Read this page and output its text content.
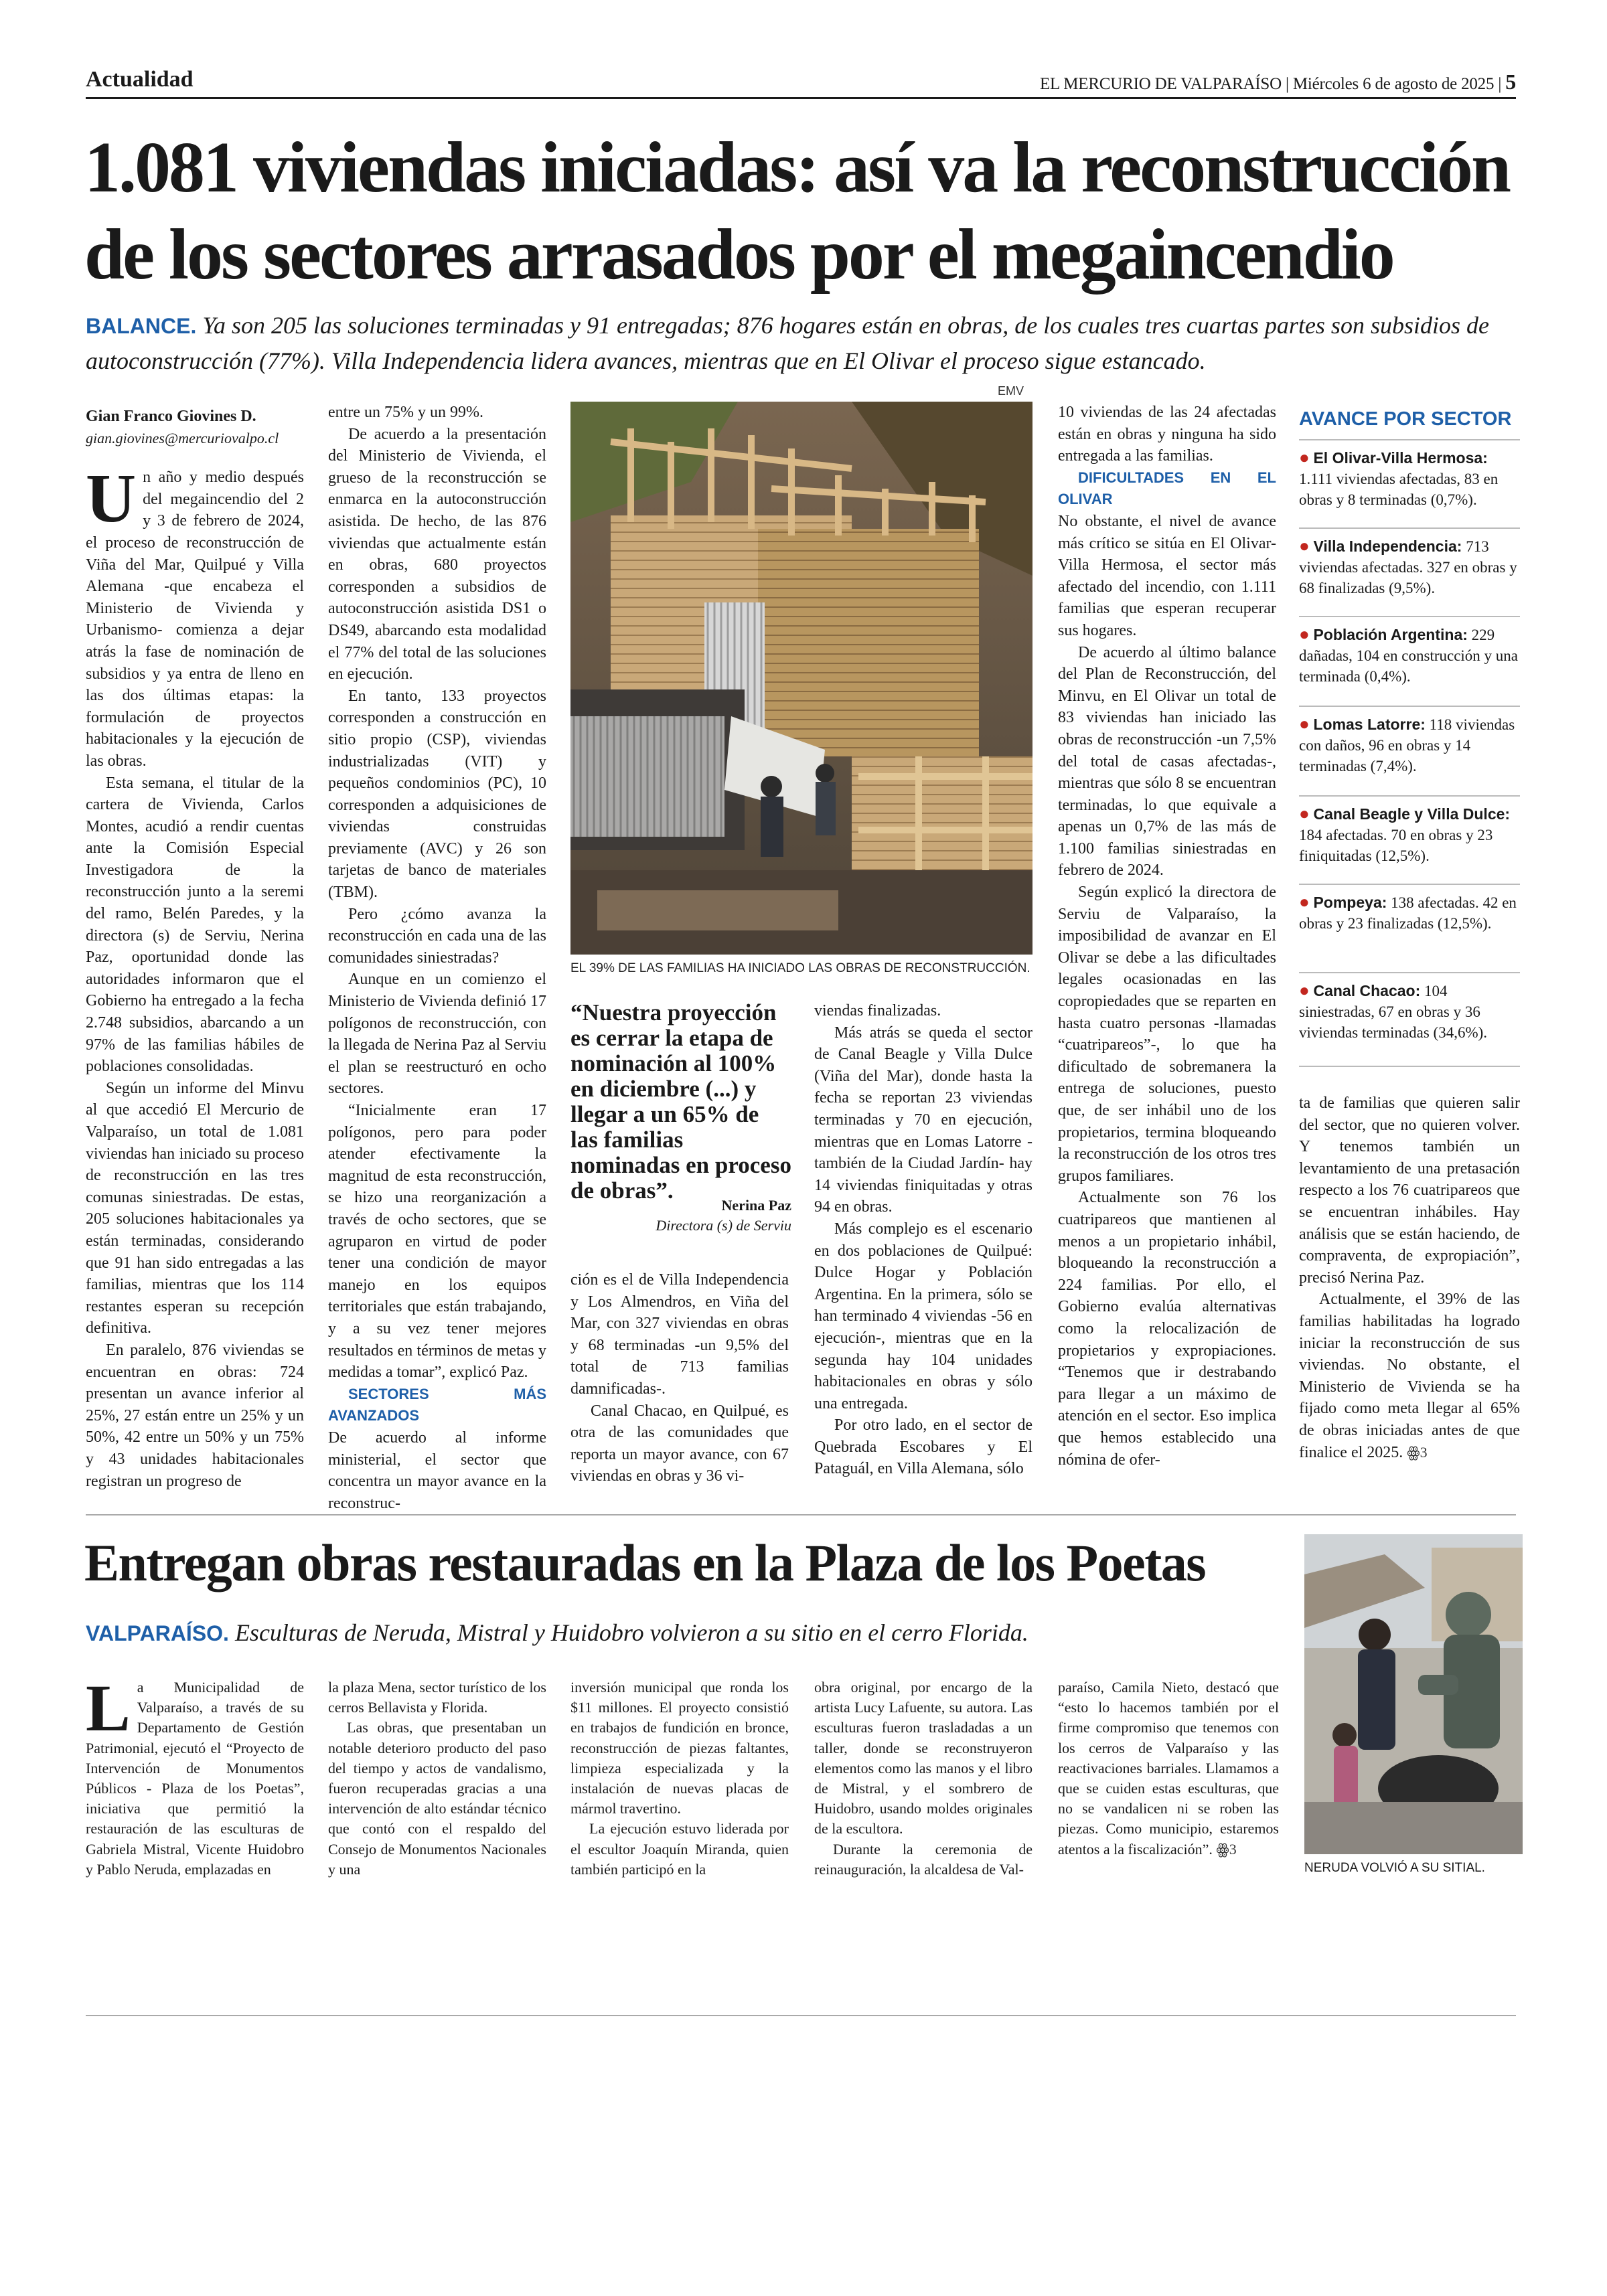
Actualidad	EL MERCURIO DE VALPARAÍSO | Miércoles 6 de agosto de 2025 | 5
1.081 viviendas iniciadas: así va la reconstrucción de los sectores arrasados por el megaincendio
BALANCE. Ya son 205 las soluciones terminadas y 91 entregadas; 876 hogares están en obras, de los cuales tres cuartas partes son subsidios de autoconstrucción (77%). Villa Independencia lidera avances, mientras que en El Olivar el proceso sigue estancado.
Gian Franco Giovines D.
gian.giovines@mercuriovalpo.cl

Un año y medio después del megaincendio del 2 y 3 de febrero de 2024, el proceso de reconstrucción de Viña del Mar, Quilpué y Villa Alemana -que encabeza el Ministerio de Vivienda y Urbanismo- comienza a dejar atrás la fase de nominación de subsidios y ya entra de lleno en las dos últimas etapas: la formulación de proyectos habitacionales y la ejecución de las obras.

Esta semana, el titular de la cartera de Vivienda, Carlos Montes, acudió a rendir cuentas ante la Comisión Especial Investigadora de la reconstrucción junto a la seremi del ramo, Belén Paredes, y la directora (s) de Serviu, Nerina Paz, oportunidad donde las autoridades informaron que el Gobierno ha entregado a la fecha 2.748 subsidios, abarcando a un 97% de las familias hábiles de poblaciones consolidadas.

Según un informe del Minvu al que accedió El Mercurio de Valparaíso, un total de 1.081 viviendas han iniciado su proceso de reconstrucción en las tres comunas siniestradas. De estas, 205 soluciones habitacionales ya están terminadas, considerando que 91 han sido entregadas a las familias, mientras que los 114 restantes esperan su recepción definitiva.

En paralelo, 876 viviendas se encuentran en obras: 724 presentan un avance inferior al 25%, 27 están entre un 25% y un 50%, 42 entre un 50% y un 75% y 43 unidades habitacionales registran un progreso de

entre un 75% y un 99%.

De acuerdo a la presentación del Ministerio de Vivienda, el grueso de la reconstrucción se enmarca en la autoconstrucción asistida. De hecho, de las 876 viviendas que actualmente están en obras, 680 proyectos corresponden a subsidios de autoconstrucción asistida DS1 o DS49, abarcando esta modalidad el 77% del total de las soluciones en ejecución.

En tanto, 133 proyectos corresponden a construcción en sitio propio (CSP), viviendas industrializadas (VIT) y pequeños condominios (PC), 10 corresponden a adquisiciones de viviendas construidas previamente (AVC) y 26 son tarjetas de banco de materiales (TBM).

Pero ¿cómo avanza la reconstrucción en cada una de las comunidades siniestradas?

Aunque en un comienzo el Ministerio de Vivienda definió 17 polígonos de reconstrucción, con la llegada de Nerina Paz al Serviu el plan se reestructuró en ocho sectores.

“Inicialmente eran 17 polígonos, pero para poder atender efectivamente la magnitud de esta reconstrucción, se hizo una reorganización a través de ocho sectores, que se agruparon en virtud de poder tener una condición de mayor manejo en los equipos territoriales que están trabajando, y a su vez tener mejores resultados en términos de metas y medidas a tomar”, explicó Paz.

SECTORES MÁS AVANZADOS

De acuerdo al informe ministerial, el sector que concentra un mayor avance en la reconstruc-

EMV
EL 39% DE LAS FAMILIAS HA INICIADO LAS OBRAS DE RECONSTRUCCIÓN.
“Nuestra proyección es cerrar la etapa de nominación al 100% en diciembre (...) y llegar a un 65% de las familias nominadas en proceso de obras”.
Nerina Paz
Directora (s) de Serviu

ción es el de Villa Independencia y Los Almendros, en Viña del Mar, con 327 viviendas en obras y 68 terminadas -un 9,5% del total de 713 familias damnificadas-.

Canal Chacao, en Quilpué, es otra de las comunidades que reporta un mayor avance, con 67 viviendas en obras y 36 vi-

viendas finalizadas.

Más atrás se queda el sector de Canal Beagle y Villa Dulce (Viña del Mar), donde hasta la fecha se reportan 23 viviendas terminadas y 70 en ejecución, mientras que en Lomas Latorre -también de la Ciudad Jardín- hay 14 viviendas finiquitadas y otras 94 en obras.

Más complejo es el escenario en dos poblaciones de Quilpué: Dulce Hogar y Población Argentina. En la primera, sólo se han terminado 4 viviendas -56 en ejecución-, mientras que en la segunda hay 104 unidades habitacionales en obras y sólo una entregada.

Por otro lado, en el sector de Quebrada Escobares y El Pataguál, en Villa Alemana, sólo

10 viviendas de las 24 afectadas están en obras y ninguna ha sido entregada a las familias.

DIFICULTADES EN EL OLIVAR

No obstante, el nivel de avance más crítico se sitúa en El Olivar-Villa Hermosa, el sector más afectado del incendio, con 1.111 familias que esperan recuperar sus hogares.

De acuerdo al último balance del Plan de Reconstrucción, del Minvu, en El Olivar un total de 83 viviendas han iniciado las obras de reconstrucción -un 7,5% del total de casas afectadas-, mientras que sólo 8 se encuentran terminadas, lo que equivale a apenas un 0,7% de las más de 1.100 familias siniestradas en febrero de 2024.

Según explicó la directora de Serviu de Valparaíso, la imposibilidad de avanzar en El Olivar se debe a las dificultades legales ocasionadas en las copropiedades que se reparten en hasta cuatro personas -llamadas “cuatripareos”-, lo que ha dificultado de sobremanera la entrega de soluciones, puesto que, de ser inhábil uno de los propietarios, termina bloqueando la reconstrucción de los otros tres grupos familiares.

Actualmente son 76 los cuatripareos que mantienen al menos a un propietario inhábil, bloqueando la reconstrucción a 224 familias. Por ello, el Gobierno evalúa alternativas como la relocalización de propietarios y expropiaciones. “Tenemos que ir destrabando para llegar a un máximo de atención en el sector. Eso implica que hemos establecido una nómina de ofer-

AVANCE POR SECTOR
● El Olivar-Villa Hermosa: 1.111 viviendas afectadas, 83 en obras y 8 terminadas (0,7%).
● Villa Independencia: 713 viviendas afectadas. 327 en obras y 68 finalizadas (9,5%).
● Población Argentina: 229 dañadas, 104 en construcción y una terminada (0,4%).
● Lomas Latorre: 118 viviendas con daños, 96 en obras y 14 terminadas (7,4%).
● Canal Beagle y Villa Dulce: 184 afectadas. 70 en obras y 23 finiquitadas (12,5%).
● Pompeya: 138 afectadas. 42 en obras y 23 finalizadas (12,5%).
● Canal Chacao: 104 siniestradas, 67 en obras y 36 viviendas terminadas (34,6%).

ta de familias que quieren salir del sector, que no quieren volver. Y tenemos también un levantamiento de una pretasación respecto a los 76 cuatripareos que se encuentran inhábiles. Hay análisis que se están haciendo, de compraventa, de expropiación”, precisó Nerina Paz.

Actualmente, el 39% de las familias habilitadas ha logrado iniciar la reconstrucción de sus viviendas. No obstante, el Ministerio de Vivienda se ha fijado como meta llegar al 65% de obras iniciadas antes de que finalice el 2025. ꙮ3

Entregan obras restauradas en la Plaza de los Poetas
VALPARAÍSO. Esculturas de Neruda, Mistral y Huidobro volvieron a su sitio en el cerro Florida.

La Municipalidad de Valparaíso, a través de su Departamento de Gestión Patrimonial, ejecutó el “Proyecto de Intervención de Monumentos Públicos - Plaza de los Poetas”, iniciativa que permitió la restauración de las esculturas de Gabriela Mistral, Vicente Huidobro y Pablo Neruda, emplazadas en

la plaza Mena, sector turístico de los cerros Bellavista y Florida.

Las obras, que presentaban un notable deterioro producto del paso del tiempo y actos de vandalismo, fueron recuperadas gracias a una intervención de alto estándar técnico que contó con el respaldo del Consejo de Monumentos Nacionales y una

inversión municipal que ronda los $11 millones. El proyecto consistió en trabajos de fundición en bronce, reconstrucción de piezas faltantes, limpieza especializada y la instalación de nuevas placas de mármol travertino.

La ejecución estuvo liderada por el escultor Joaquín Miranda, quien también participó en la

obra original, por encargo de la artista Lucy Lafuente, su autora. Las esculturas fueron trasladadas a un taller, donde se reconstruyeron elementos como las manos y el libro de Mistral, y el sombrero de Huidobro, usando moldes originales de la escultora.

Durante la ceremonia de reinauguración, la alcaldesa de Val-

paraíso, Camila Nieto, destacó que “esto lo hacemos también por el firme compromiso que tenemos con los cerros de Valparaíso y las reactivaciones barriales. Llamamos a que se cuiden estas esculturas, que no se vandalicen ni se roben las piezas. Como municipio, estaremos atentos a la fiscalización”. ꙮ3

NERUDA VOLVIÓ A SU SITIAL.
